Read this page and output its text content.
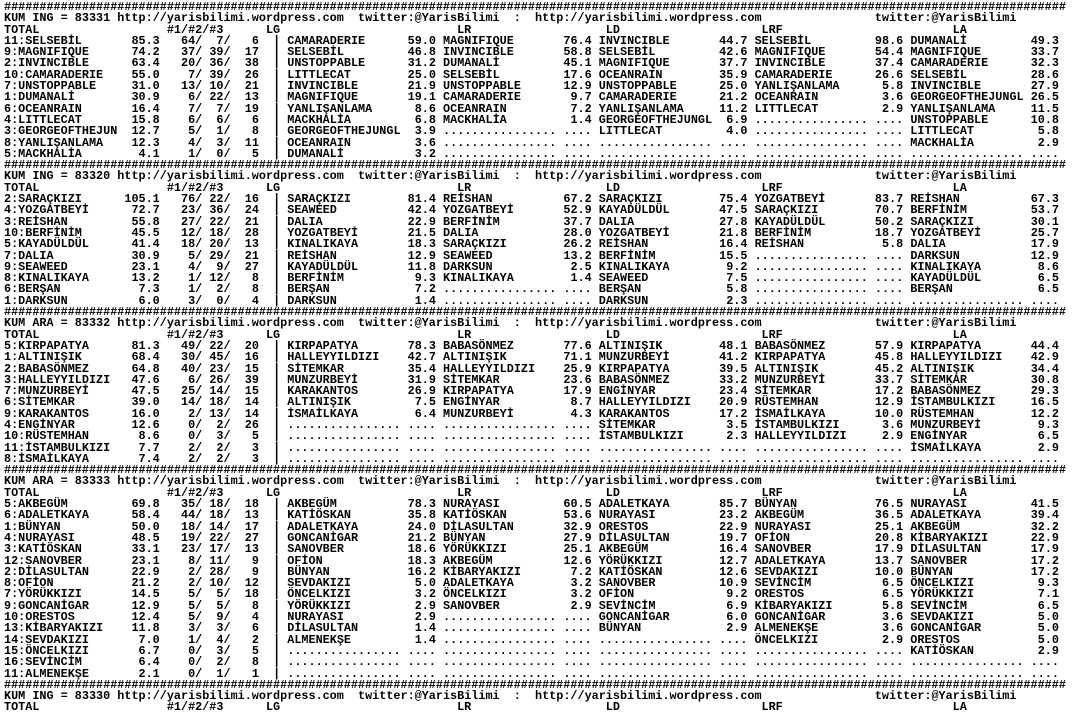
######################################################################################################################################################
KUM ING = 83331 http://yarisbilimi.wordpress.com twitter:@YarisBilimi  :  http://yarisbilimi.wordpress.com	twitter:@YarisBilimi
TOTAL                  #1/#2/#3      LG                         LR                   LD                    LRF                        LA
11:SELSEBİL       85.3   64/  7/   6  | CAMARADERIE      59.0 MAGNIFIQUE       76.4 INVINCIBLE       44.7 SELSEBİL         98.6 DUMANALİ         49.3
9:MAGNIFIQUE      74.2   37/ 39/  17  | SELSEBİL         46.8 INVINCIBLE       58.8 SELSEBİL         42.6 MAGNIFIQUE       54.4 MAGNIFIQUE       33.7
2:INVINCIBLE      63.4   20/ 36/  38  | UNSTOPPABLE      31.2 DUMANALİ         45.1 MAGNIFIQUE       37.7 INVINCIBLE       37.4 CAMARADERIE      32.3
10:CAMARADERIE    55.0    7/ 39/  26  | LITTLECAT        25.0 SELSEBİL         17.6 OCEANRAIN        35.9 CAMARADERIE      26.6 SELSEBİL         28.6
7:UNSTOPPABLE     31.0   13/ 10/  21  | INVINCIBLE       21.9 UNSTOPPABLE      12.9 UNSTOPPABLE      25.0 YANLIŞANLAMA      5.8 INVINCIBLE       27.9
1:DUMANALİ        30.9    6/ 22/  13  | MAGNIFIQUE       19.1 CAMARADERIE       9.7 CAMARADERIE      21.2 OCEANRAIN         3.6 GEORGEOFTHEJUNGL 26.5
6:OCEANRAIN       16.4    7/  7/  19  | YANLIŞANLAMA      8.6 OCEANRAIN         7.2 YANLIŞANLAMA     11.2 LITTLECAT         2.9 YANLIŞANLAMA     11.5
4:LITTLECAT       15.8    6/  6/   6  | MACKHALİA         6.8 MACKHALİA         1.4 GEORGEOFTHEJUNGL  6.9 ................ .... UNSTOPPABLE      10.8
3:GEORGEOFTHEJUN  12.7    5/  1/   8  | GEORGEOFTHEJUNGL  3.9 ................ .... LITTLECAT         4.0 ................ .... LITTLECAT         5.8
8:YANLIŞANLAMA    12.3    4/  3/  11  | OCEANRAIN         3.6 ................ .... ................ .... ................ .... MACKHALİA         2.9
5:MACKHALİA        4.1    1/  0/   5  | DUMANALİ          3.2 ................ .... ................ .... ................ .... ................ ....
######################################################################################################################################################
KUM ING = 83320 http://yarisbilimi.wordpress.com twitter:@YarisBilimi  :  http://yarisbilimi.wordpress.com	twitter:@YarisBilimi
TOTAL                  #1/#2/#3      LG                         LR                   LD                    LRF                        LA
2:SARAÇKIZI      105.1   76/ 22/  16  | SARAÇKIZI        81.4 REİSHAN          67.2 SARAÇKIZI        75.4 YOZGATBEYİ       83.7 REİSHAN          67.3
4:YOZGATBEYİ      72.7   23/ 36/  24  | SEAWEED          42.4 YOZGATBEYİ       52.9 KAYADÜLDÜL       47.5 SARAÇKIZI        70.7 BERFİNİM         53.7
3:REİSHAN         55.8   27/ 22/  21  | DALIA            22.9 BERFİNİM         37.7 DALIA            27.8 KAYADÜLDÜL       50.2 SARAÇKIZI        30.1
10:BERFİNİM       45.5   12/ 18/  28  | YOZGATBEYİ       21.5 DALIA            28.0 YOZGATBEYİ       21.8 BERFİNİM         18.7 YOZGATBEYİ       25.7
5:KAYADÜLDÜL      41.4   18/ 20/  13  | KINALIKAYA       18.3 SARAÇKIZI        26.2 REİSHAN          16.4 REİSHAN           5.8 DALIA            17.9
7:DALIA           30.9    5/ 29/  21  | REİSHAN          12.9 SEAWEED          13.2 BERFİNİM         15.5 ................ .... DARKSUN          12.9
9:SEAWEED         23.1    4/  9/  27  | KAYADÜLDÜL       11.8 DARKSUN           2.5 KINALIKAYA        9.2 ................ .... KINALIKAYA        8.6
8:KINALIKAYA      13.2    1/ 12/   8  | BERFİNİM          9.3 KINALIKAYA        1.4 SEAWEED           7.5 ................ .... KAYADÜLDÜL        6.5
6:BERŞAN           7.3    1/  2/   8  | BERŞAN            7.2 ................ .... BERŞAN            5.8 ................ .... BERŞAN            6.5
1:DARKSUN          6.0    3/  0/   4  | DARKSUN           1.4 ................ .... DARKSUN           2.3 ................ .... ................ ....
######################################################################################################################################################
KUM ARA = 83332 http://yarisbilimi.wordpress.com twitter:@YarisBilimi  :  http://yarisbilimi.wordpress.com	twitter:@YarisBilimi
TOTAL                  #1/#2/#3      LG                         LR                   LD                    LRF                        LA
5:KIRPAPATYA      81.3   49/ 22/  20  | KIRPAPATYA       78.3 BABASÖNMEZ       77.6 ALTINIŞIK        48.1 BABASÖNMEZ       57.9 KIRPAPATYA       44.4
1:ALTINIŞIK       68.4   30/ 45/  16  | HALLEYYILDIZI    42.7 ALTINIŞIK        71.1 MUNZURBEYİ       41.2 KIRPAPATYA       45.8 HALLEYYILDIZI    42.9
2:BABASÖNMEZ      64.8   40/ 23/  15  | SİTEMKAR         35.4 HALLEYYILDIZI    25.9 KIRPAPATYA       39.5 ALTINIŞIK        45.2 ALTINIŞIK        34.4
3:HALLEYYILDIZI   47.6    6/ 26/  39  | MUNZURBEYİ       31.9 SİTEMKAR         23.6 BABASÖNMEZ       33.2 MUNZURBEYİ       33.7 SİTEMKAR         30.8
7:MUNZURBEYİ      47.5   25/ 14/  15  | KARAKANTOS       26.9 KIRPAPATYA       17.9 ENGİNYAR         23.4 SİTEMKAR         17.2 BABASÖNMEZ       29.3
6:SİTEMKAR        39.0   14/ 18/  14  | ALTINIŞIK         7.5 ENGİNYAR          8.7 HALLEYYILDIZI    20.9 RÜSTEMHAN        12.9 İSTAMBULKIZI     16.5
9:KARAKANTOS      16.0    2/ 13/  14  | İSMAİLKAYA        6.4 MUNZURBEYİ        4.3 KARAKANTOS       17.2 İSMAİLKAYA       10.0 RÜSTEMHAN        12.2
4:ENGİNYAR        12.6    0/  2/  26  | ................ .... ................ .... SİTEMKAR          3.5 İSTAMBULKIZI      3.6 MUNZURBEYİ        9.3
10:RÜSTEMHAN       8.6    0/  3/   5  | ................ .... ................ .... İSTAMBULKIZI      2.3 HALLEYYILDIZI     2.9 ENGİNYAR          6.5
11:İSTAMBULKIZI    7.7    2/  2/   3  | ................ .... ................ .... ................ .... ................ .... İSMAİLKAYA        2.9
8:İSMAİLKAYA       7.4    2/  2/   3  | ................ .... ................ .... ................ .... ................ .... ................ ....
######################################################################################################################################################
KUM ARA = 83333 http://yarisbilimi.wordpress.com twitter:@YarisBilimi  :  http://yarisbilimi.wordpress.com	twitter:@YarisBilimi
TOTAL                  #1/#2/#3      LG                         LR                   LD                    LRF                        LA
5:AKBEGÜM         69.8   35/ 18/  18  | AKBEGÜM          78.3 NURAYASI         60.5 ADALETKAYA       85.7 BÜNYAN           76.5 NURAYASI         41.5
6:ADALETKAYA      58.4   44/ 18/  13  | KATİÖSKAN        35.8 KATİÖSKAN        53.6 NURAYASI         23.2 AKBEGÜM          36.5 ADALETKAYA       39.4
1:BÜNYAN          50.0   18/ 14/  17  | ADALETKAYA       24.0 DİLASULTAN       32.9 ORESTOS          22.9 NURAYASI         25.1 AKBEGÜM          32.2
4:NURAYASI        48.5   19/ 22/  27  | GONCANİGAR       21.2 BÜNYAN           27.9 DİLASULTAN       19.7 OFİON            20.8 KİBARYAKIZI      22.9
3:KATİÖSKAN       33.1   23/ 17/  13  | SANOVBER         18.6 YÖRÜKKIZI        25.1 AKBEGÜM          16.4 SANOVBER         17.9 DİLASULTAN       17.9
12:SANOVBER       23.1    8/ 11/   9  | OFİON            18.3 AKBEGÜM          12.6 YÖRÜKKIZI        12.7 ADALETKAYA       13.7 SANOVBER         17.2
2:DİLASULTAN      22.9    2/ 28/   9  | BÜNYAN           16.2 KİBARYAKIZI       7.2 KATİÖSKAN        12.6 SEVDAKIZI        10.0 BÜNYAN           17.2
8:OFİON           21.2    2/ 10/  12  | SEVDAKIZI         5.0 ADALETKAYA        3.2 SANOVBER         10.9 SEVİNCİM          6.5 ÖNCELKIZI         9.3
7:YÖRÜKKIZI       14.5    5/  5/  18  | ÖNCELKIZI         3.2 ÖNCELKIZI         3.2 OFİON             9.2 ORESTOS           6.5 YÖRÜKKIZI         7.1
9:GONCANİGAR      12.9    5/  5/   8  | YÖRÜKKIZI         2.9 SANOVBER          2.9 SEVİNCİM          6.9 KİBARYAKIZI       5.8 SEVİNCİM          6.5
10:ORESTOS        12.4    5/  9/   4  | NURAYASI          2.9 ................ .... GONCANİGAR        6.0 GONCANİGAR        3.6 SEVDAKIZI         5.0
13:KİBARYAKIZI    11.8    3/  3/   6  | DİLASULTAN        1.4 ................ .... BÜNYAN            2.9 ALMENEKŞE         3.6 GONCANİGAR        5.0
14:SEVDAKIZI       7.0    1/  4/   2  | ALMENEKŞE         1.4 ................ .... ................ .... ÖNCELKIZI         2.9 ORESTOS           5.0
15:ÖNCELKIZI       6.7    0/  3/   5  | ................ .... ................ .... ................ .... ................ .... KATİÖSKAN         2.9
16:SEVİNCİM        6.4    0/  2/   8  | ................ .... ................ .... ................ .... ................ .... ................ ....
11:ALMENEKŞE       2.1    0/  1/   1  | ................ .... ................ .... ................ .... ................ .... ................ ....
######################################################################################################################################################
KUM ING = 83330 http://yarisbilimi.wordpress.com twitter:@YarisBilimi  :  http://yarisbilimi.wordpress.com	twitter:@YarisBilimi
TOTAL                  #1/#2/#3      LG                         LR                   LD                    LRF                        LA
